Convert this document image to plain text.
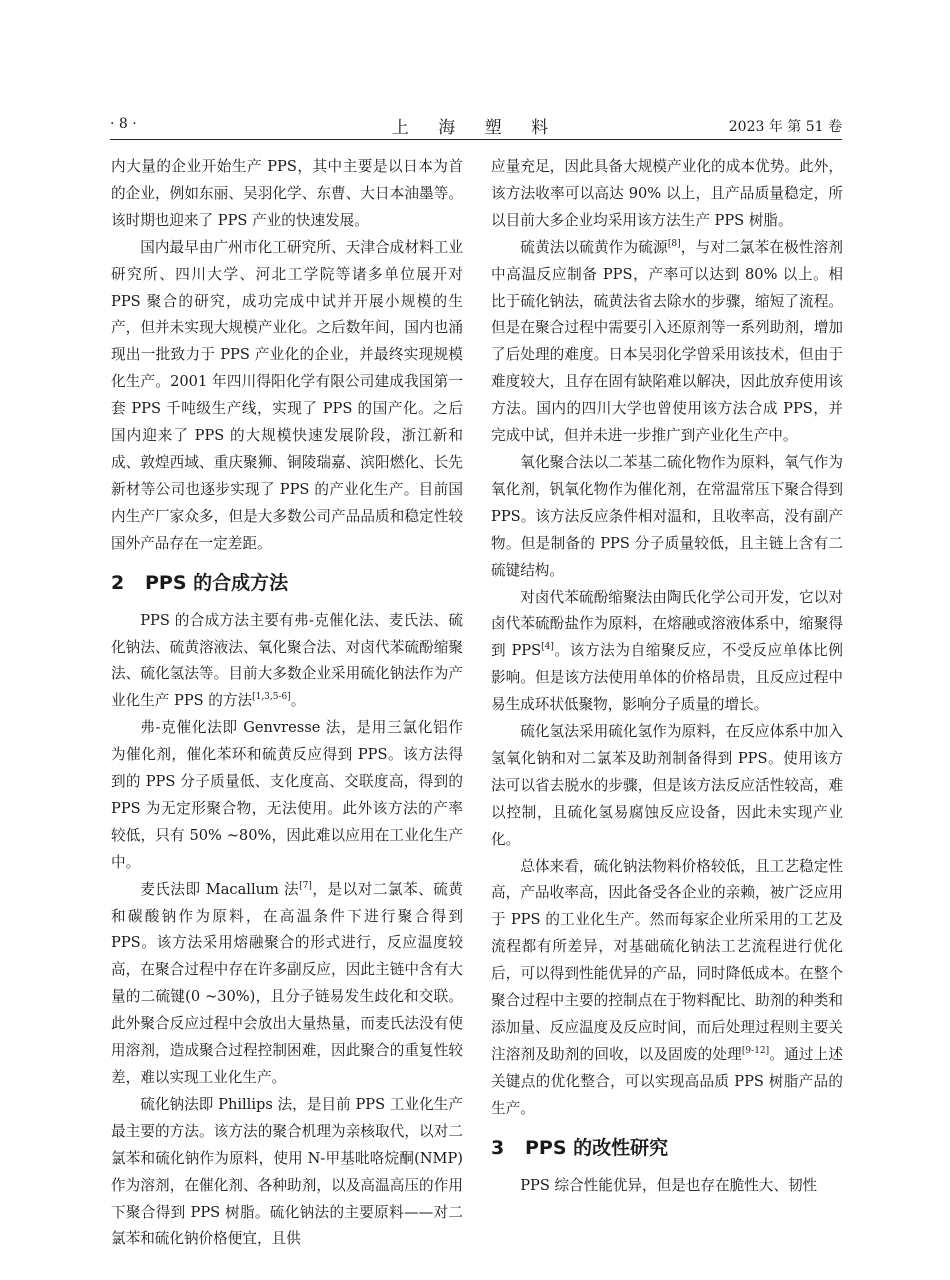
· 8 ·	上 海 塑 料	2023 年 第 51 卷

内大量的企业开始生产 PPS，其中主要是以日本为首的企业，例如东丽、吴羽化学、东曹、大日本油墨等。该时期也迎来了 PPS 产业的快速发展。

国内最早由广州市化工研究所、天津合成材料工业研究所、四川大学、河北工学院等诸多单位展开对 PPS 聚合的研究，成功完成中试并开展小规模的生产，但并未实现大规模产业化。之后数年间，国内也涌现出一批致力于 PPS 产业化的企业，并最终实现规模化生产。2001 年四川得阳化学有限公司建成我国第一套 PPS 千吨级生产线，实现了 PPS 的国产化。之后国内迎来了 PPS 的大规模快速发展阶段，浙江新和成、敦煌西域、重庆聚狮、铜陵瑞嘉、滨阳燃化、长先新材等公司也逐步实现了 PPS 的产业化生产。目前国内生产厂家众多，但是大多数公司产品品质和稳定性较国外产品存在一定差距。

2 PPS 的合成方法

PPS 的合成方法主要有弗-克催化法、麦氏法、硫化钠法、硫黄溶液法、氧化聚合法、对卤代苯硫酚缩聚法、硫化氢法等。目前大多数企业采用硫化钠法作为产业化生产 PPS 的方法[1,3,5-6]。

弗-克催化法即 Genvresse 法，是用三氯化铝作为催化剂，催化苯环和硫黄反应得到 PPS。该方法得到的 PPS 分子质量低、支化度高、交联度高，得到的 PPS 为无定形聚合物，无法使用。此外该方法的产率较低，只有 50% ~80%，因此难以应用在工业化生产中。

麦氏法即 Macallum 法[7]，是以对二氯苯、硫黄和碳酸钠作为原料，在高温条件下进行聚合得到 PPS。该方法采用熔融聚合的形式进行，反应温度较高，在聚合过程中存在许多副反应，因此主链中含有大量的二硫键(0 ~30%)，且分子链易发生歧化和交联。此外聚合反应过程中会放出大量热量，而麦氏法没有使用溶剂，造成聚合过程控制困难，因此聚合的重复性较差，难以实现工业化生产。

硫化钠法即 Phillips 法，是目前 PPS 工业化生产最主要的方法。该方法的聚合机理为亲核取代，以对二氯苯和硫化钠作为原料，使用 N-甲基吡咯烷酮(NMP)作为溶剂，在催化剂、各种助剂，以及高温高压的作用下聚合得到 PPS 树脂。硫化钠法的主要原料——对二氯苯和硫化钠价格便宜，且供

应量充足，因此具备大规模产业化的成本优势。此外，该方法收率可以高达 90% 以上，且产品质量稳定，所以目前大多企业均采用该方法生产 PPS 树脂。

硫黄法以硫黄作为硫源[8]，与对二氯苯在极性溶剂中高温反应制备 PPS，产率可以达到 80% 以上。相比于硫化钠法，硫黄法省去除水的步骤，缩短了流程。但是在聚合过程中需要引入还原剂等一系列助剂，增加了后处理的难度。日本吴羽化学曾采用该技术，但由于难度较大，且存在固有缺陷难以解决，因此放弃使用该方法。国内的四川大学也曾使用该方法合成 PPS，并完成中试，但并未进一步推广到产业化生产中。

氧化聚合法以二苯基二硫化物作为原料，氧气作为氧化剂，钒氧化物作为催化剂，在常温常压下聚合得到 PPS。该方法反应条件相对温和，且收率高，没有副产物。但是制备的 PPS 分子质量较低，且主链上含有二硫键结构。

对卤代苯硫酚缩聚法由陶氏化学公司开发，它以对卤代苯硫酚盐作为原料，在熔融或溶液体系中，缩聚得到 PPS[4]。该方法为自缩聚反应，不受反应单体比例影响。但是该方法使用单体的价格昂贵，且反应过程中易生成环状低聚物，影响分子质量的增长。

硫化氢法采用硫化氢作为原料，在反应体系中加入氢氧化钠和对二氯苯及助剂制备得到 PPS。使用该方法可以省去脱水的步骤，但是该方法反应活性较高，难以控制，且硫化氢易腐蚀反应设备，因此未实现产业化。

总体来看，硫化钠法物料价格较低，且工艺稳定性高，产品收率高，因此备受各企业的亲赖，被广泛应用于 PPS 的工业化生产。然而每家企业所采用的工艺及流程都有所差异，对基础硫化钠法工艺流程进行优化后，可以得到性能优异的产品，同时降低成本。在整个聚合过程中主要的控制点在于物料配比、助剂的种类和添加量、反应温度及反应时间，而后处理过程则主要关注溶剂及助剂的回收，以及固废的处理[9-12]。通过上述关键点的优化整合，可以实现高品质 PPS 树脂产品的生产。

3 PPS 的改性研究

PPS 综合性能优异，但是也存在脆性大、韧性
